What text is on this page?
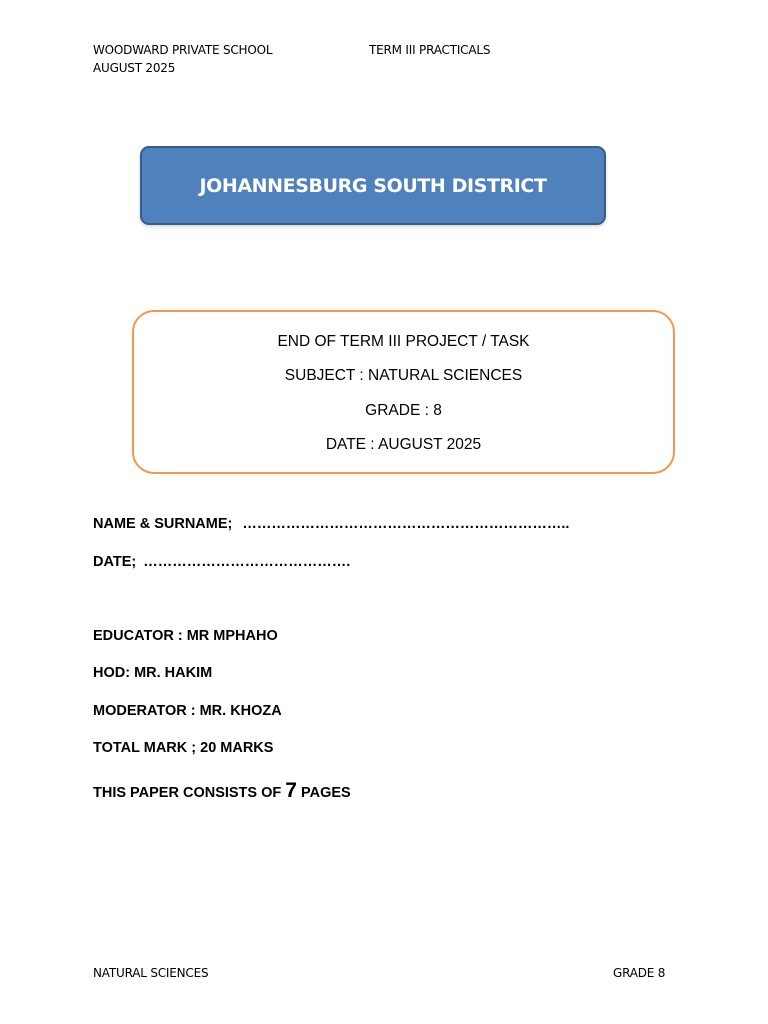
WOODWARD PRIVATE SCHOOL	TERM III PRACTICALS
AUGUST 2025
JOHANNESBURG SOUTH DISTRICT
END OF TERM III PROJECT / TASK
SUBJECT : NATURAL SCIENCES
GRADE : 8
DATE : AUGUST 2025
NAME & SURNAME; …………………………………………………………..
DATE; …………………………………….
EDUCATOR : MR MPHAHO
HOD: MR. HAKIM
MODERATOR : MR. KHOZA
TOTAL MARK ; 20 MARKS
THIS PAPER CONSISTS OF 7 PAGES
NATURAL SCIENCES	GRADE 8
